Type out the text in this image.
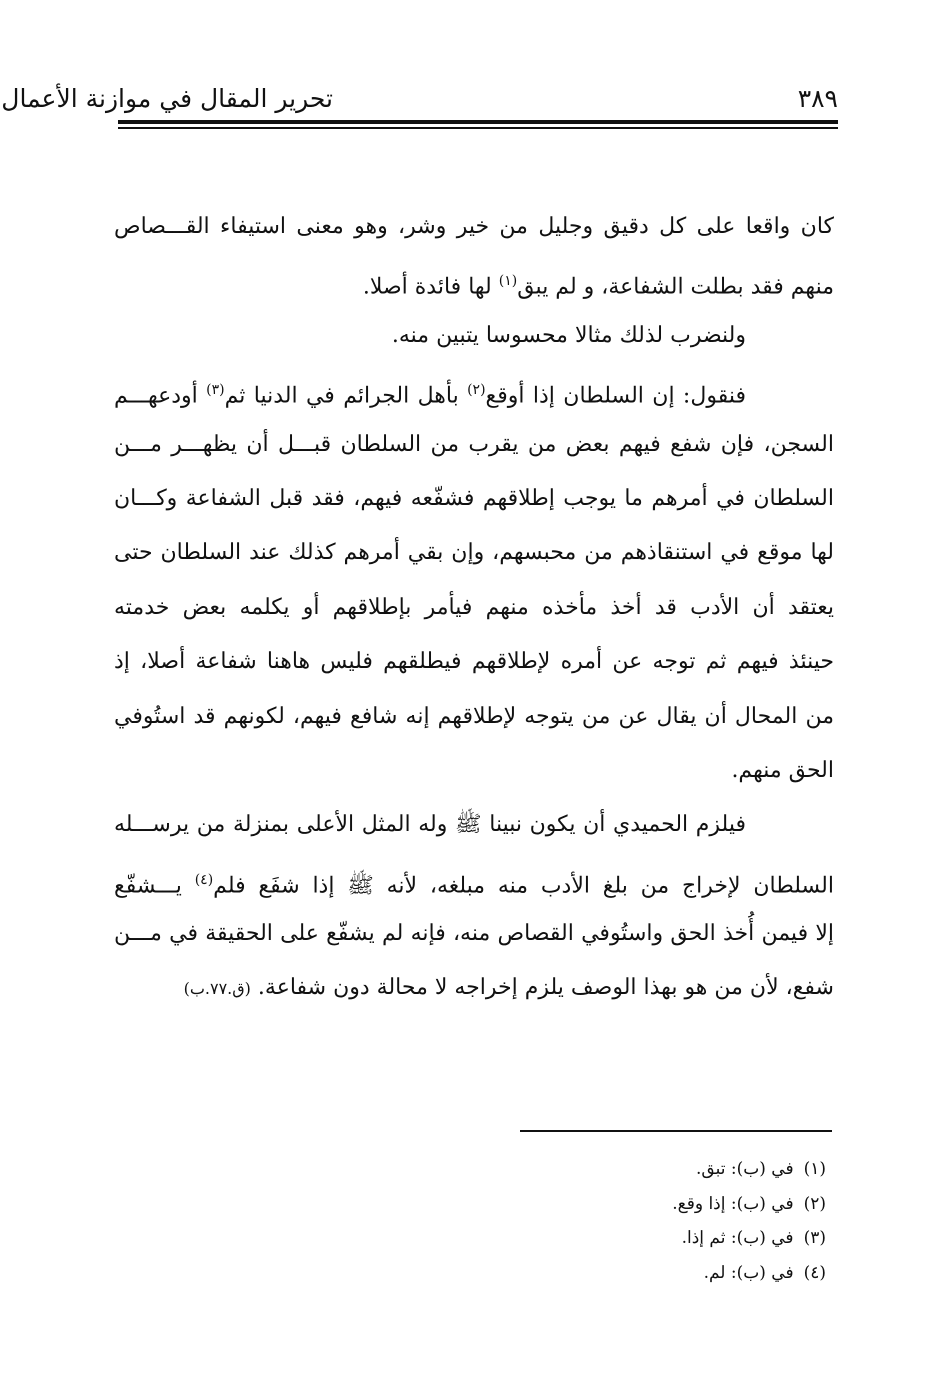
تحرير المقال في موازنة الأعمال	٣٨٩
كان واقعا على كل دقيق وجليل من خير وشر، وهو معنى استيفاء القـــصاص
منهم فقد بطلت الشفاعة، و لم يبق$^{(١)}$ لها فائدة أصلا.
ولنضرب لذلك مثالا محسوسا يتبين منه.
فنقول: إن السلطان إذا أوقع$^{(٢)}$ بأهل الجرائم في الدنيا ثم$^{(٣)}$ أودعهـــم
السجن، فإن شفع فيهم بعض من يقرب من السلطان قبـــل أن يظهـــر مـــن
السلطان في أمرهم ما يوجب إطلاقهم فشفّعه فيهم، فقد قبل الشفاعة وكـــان
لها موقع في استنقاذهم من محبسهم، وإن بقي أمرهم كذلك عند السلطان حتى
يعتقد أن الأدب قد أخذ مأخذه منهم فيأمر بإطلاقهم أو يكلمه بعض خدمته
حينئذ فيهم ثم توجه عن أمره لإطلاقهم فيطلقهم فليس هاهنا شفاعة أصلا، إذ
من المحال أن يقال عن من يتوجه لإطلاقهم إنه شافع فيهم، لكونهم قد استُوفي
الحق منهم.
فيلزم الحميدي أن يكون نبينا ﷺ وله المثل الأعلى بمنزلة من يرســـله
السلطان لإخراج من بلغ الأدب منه مبلغه، لأنه ﷺ إذا شفَع فلم$^{(٤)}$ يـــشفّع
إلا فيمن أُخذ الحق واستُوفي القصاص منه، فإنه لم يشفّع على الحقيقة في مـــن
شفع، لأن من هو بهذا الوصف يلزم إخراجه لا محالة دون شفاعة. (ق.٧٧.ب)
(١)في (ب): تبق.
(٢)في (ب): إذا وقع.
(٣)في (ب): ثم إذا.
(٤)في (ب): لم.
